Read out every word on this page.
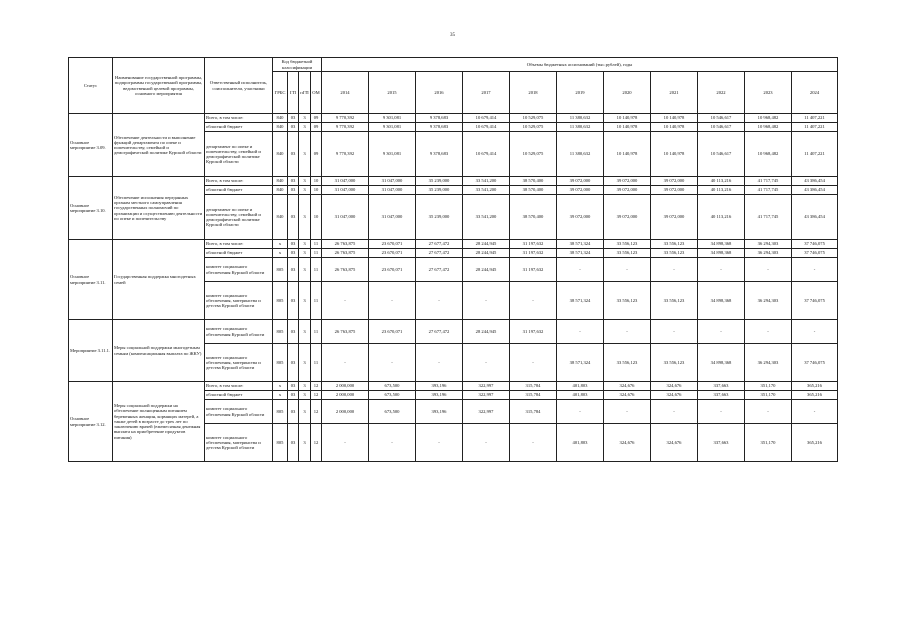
35
Статус	Наименование государственной программы, подпрограммы государственной программы, ведомственной целевой программы, основного мероприятия	Ответственный исполнитель, соисполнители, участники	Код бюджетной классификации				Объемы бюджетных ассигнований (тыс.рублей), годы										
			ГРБС	ГП	пГП	ОМ	2014	2015	2016	2017	2018	2019	2020	2021	2022	2023	2024
Основное мероприятие 3.09.	Обеспечение деятельности и выполнение функций департамента по опеке и попечительству, семейной и демографической политике Курской области	Всего, в том числе:	840	03	3	09	9 770,392	9 301,081	9 378,683	10 679,414	10 529,075	11 380,632	10 140,978	10 140,978	10 546,617	10 968,482	11 407,221
		областной бюджет	840	03	3	09	9 770,392	9 301,081	9 378,683	10 679,414	10 529,075	11 380,632	10 140,978	10 140,978	10 546,617	10 968,482	11 407,221
		департамент по опеке и попечительству, семейной и демографической политике Курской области	840	03	3	09	9 770,392	9 301,081	9 378,683	10 679,414	10 529,075	11 380,632	10 140,978	10 140,978	10 546,617	10 968,482	11 407,221
Основное мероприятие 3.10.	Обеспечение исполнения переданных органам местного самоуправления государственных полномочий по организации и осуществлению деятельности по опеке и попечительству	Всего, в том числе:	840	03	3	10	31 047,000	31 047,000	35 239,000	33 541,200	38 570,400	39 072,000	39 072,000	39 072,000	40 113,216	41 717,745	43 386,454
		областной бюджет	840	03	3	10	31 047,000	31 047,000	35 239,000	33 541,200	38 570,400	39 072,000	39 072,000	39 072,000	40 113,216	41 717,745	43 386,454
		департамент по опеке и попечительству, семейной и демографической политике Курской области	840	03	3	10	31 047,000	31 047,000	35 239,000	33 541,200	38 570,400	39 072,000	39 072,000	39 072,000	40 113,216	41 717,745	43 386,454
Основное мероприятие 3.11.	Государственная поддержка многодетных семей	Всего, в том числе:	х	03	3	11	26 763,875	23 670,071	27 677,472	28 244,945	31 197,632	38 571,324	33 556,123	33 556,123	34 898,368	36 294,303	37 746,075
		областной бюджет	х	03	3	11	26 763,875	23 670,071	27 677,472	28 244,945	31 197,632	38 571,324	33 556,123	33 556,123	34 898,368	36 294,303	37 746,075
		комитет социального обеспечения Курской области	805	03	3	11	26 763,875	23 670,071	27 677,472	28 244,945	31 197,632	-	-	-	-	-	-
		комитет социального обеспечения, материнства и детства Курской области	805	03	3	11	-	-	-	-	-	38 571,324	33 556,123	33 556,123	34 898,368	36 294,303	37 746,075
Мероприятие 3.11.1.	Меры социальной поддержки многодетным семьям (компенсационная выплата по ЖКУ)	комитет социального обеспечения Курской области	805	03	3	11	26 763,875	23 670,071	27 677,472	28 244,945	31 197,632	-	-	-	-	-	-
		комитет социального обеспечения, материнства и детства Курской области	805	03	3	11	-	-	-	-	-	38 571,324	33 556,123	33 556,123	34 898,368	36 294,303	37 746,075
Основное мероприятие 3.12.	Меры социальной поддержки на обеспечение полноценным питанием беременных женщин, кормящих матерей, а также детей в возрасте до трех лет по заключению врачей (ежемесячная денежная выплата на приобретение продуктов питания)	Всего, в том числе:	х	03	3	12	2 000,000	673,500	393,196	322,997	315,784	401,803	324,676	324,676	337,663	351,170	365,216
		областной бюджет	х	03	3	12	2 000,000	673,500	393,196	322,997	315,784	401,803	324,676	324,676	337,663	351,170	365,216
		комитет социального обеспечения Курской области	805	03	3	12	2 000,000	673,500	393,196	322,997	315,784	-	-	-	-	-	-
		комитет социального обеспечения, материнства и детства Курской области	805	03	3	12	-	-	-	-	-	401,803	324,676	324,676	337,663	351,170	365,216
